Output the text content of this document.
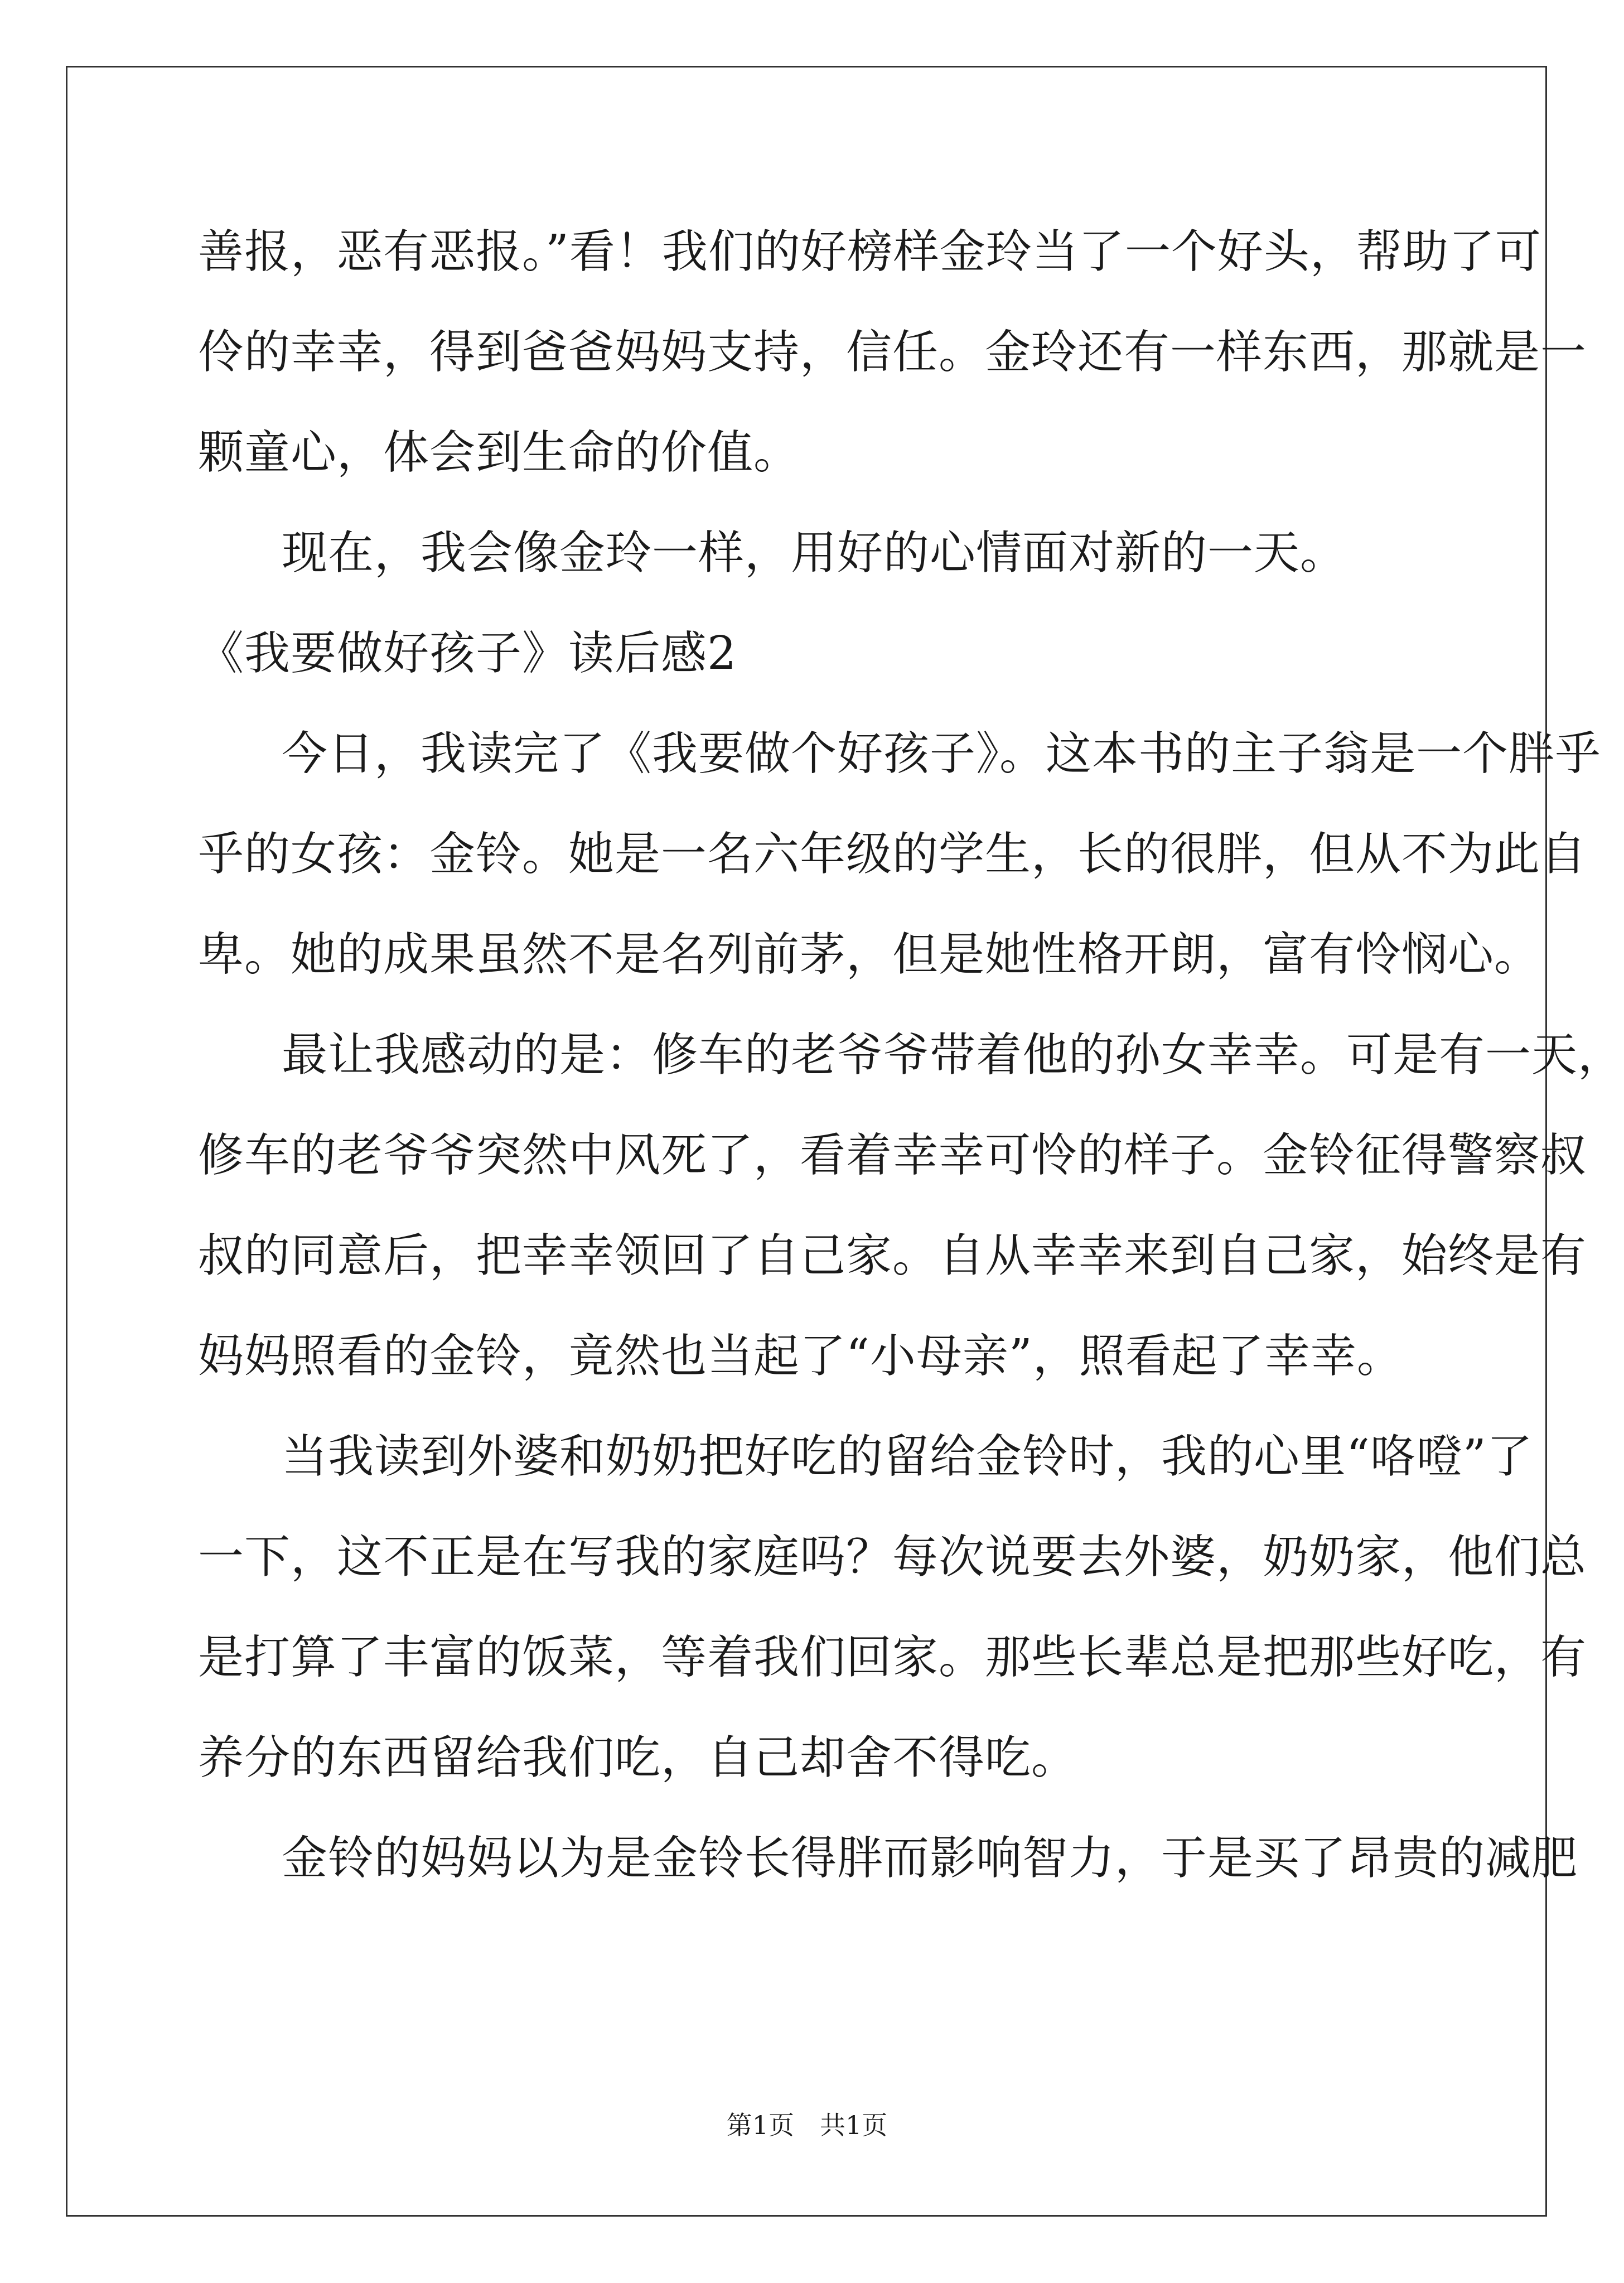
善报，恶有恶报。”看！我们的好榜样金玲当了一个好头，帮助了可
伶的幸幸，得到爸爸妈妈支持，信任。金玲还有一样东西，那就是一
颗童心，体会到生命的价值。
现在，我会像金玲一样，用好的心情面对新的一天。
《我要做好孩子》读后感2
今日，我读完了《我要做个好孩子》。这本书的主子翁是一个胖乎
乎的女孩：金铃。她是一名六年级的学生，长的很胖，但从不为此自
卑。她的成果虽然不是名列前茅，但是她性格开朗，富有怜悯心。
最让我感动的是：修车的老爷爷带着他的孙女幸幸。可是有一天，
修车的老爷爷突然中风死了，看着幸幸可怜的样子。金铃征得警察叔
叔的同意后，把幸幸领回了自己家。自从幸幸来到自己家，始终是有
妈妈照看的金铃，竟然也当起了“小母亲”，照看起了幸幸。
当我读到外婆和奶奶把好吃的留给金铃时，我的心里“咯噔”了
一下，这不正是在写我的家庭吗？每次说要去外婆，奶奶家，他们总
是打算了丰富的饭菜，等着我们回家。那些长辈总是把那些好吃，有
养分的东西留给我们吃，自己却舍不得吃。
金铃的妈妈以为是金铃长得胖而影响智力，于是买了昂贵的减肥
第1页 共1页
